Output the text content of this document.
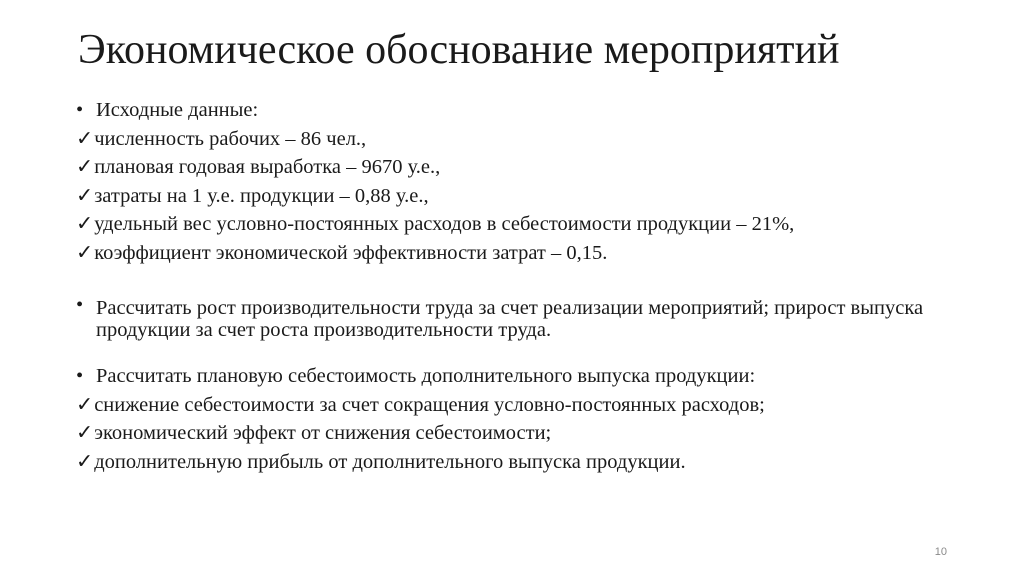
Экономическое обоснование мероприятий
• Исходные данные:
✓численность рабочих – 86 чел.,
✓плановая годовая выработка – 9670 у.е.,
✓затраты на 1 у.е. продукции – 0,88 у.е.,
✓удельный вес условно-постоянных расходов в себестоимости продукции – 21%,
✓коэффициент экономической эффективности затрат – 0,15.
• Рассчитать рост производительности труда за счет реализации мероприятий; прирост выпуска продукции за счет роста производительности труда.
• Рассчитать плановую себестоимость дополнительного выпуска продукции:
✓снижение себестоимости за счет сокращения условно-постоянных расходов;
✓экономический эффект от снижения себестоимости;
✓дополнительную прибыль от дополнительного выпуска продукции.
10
